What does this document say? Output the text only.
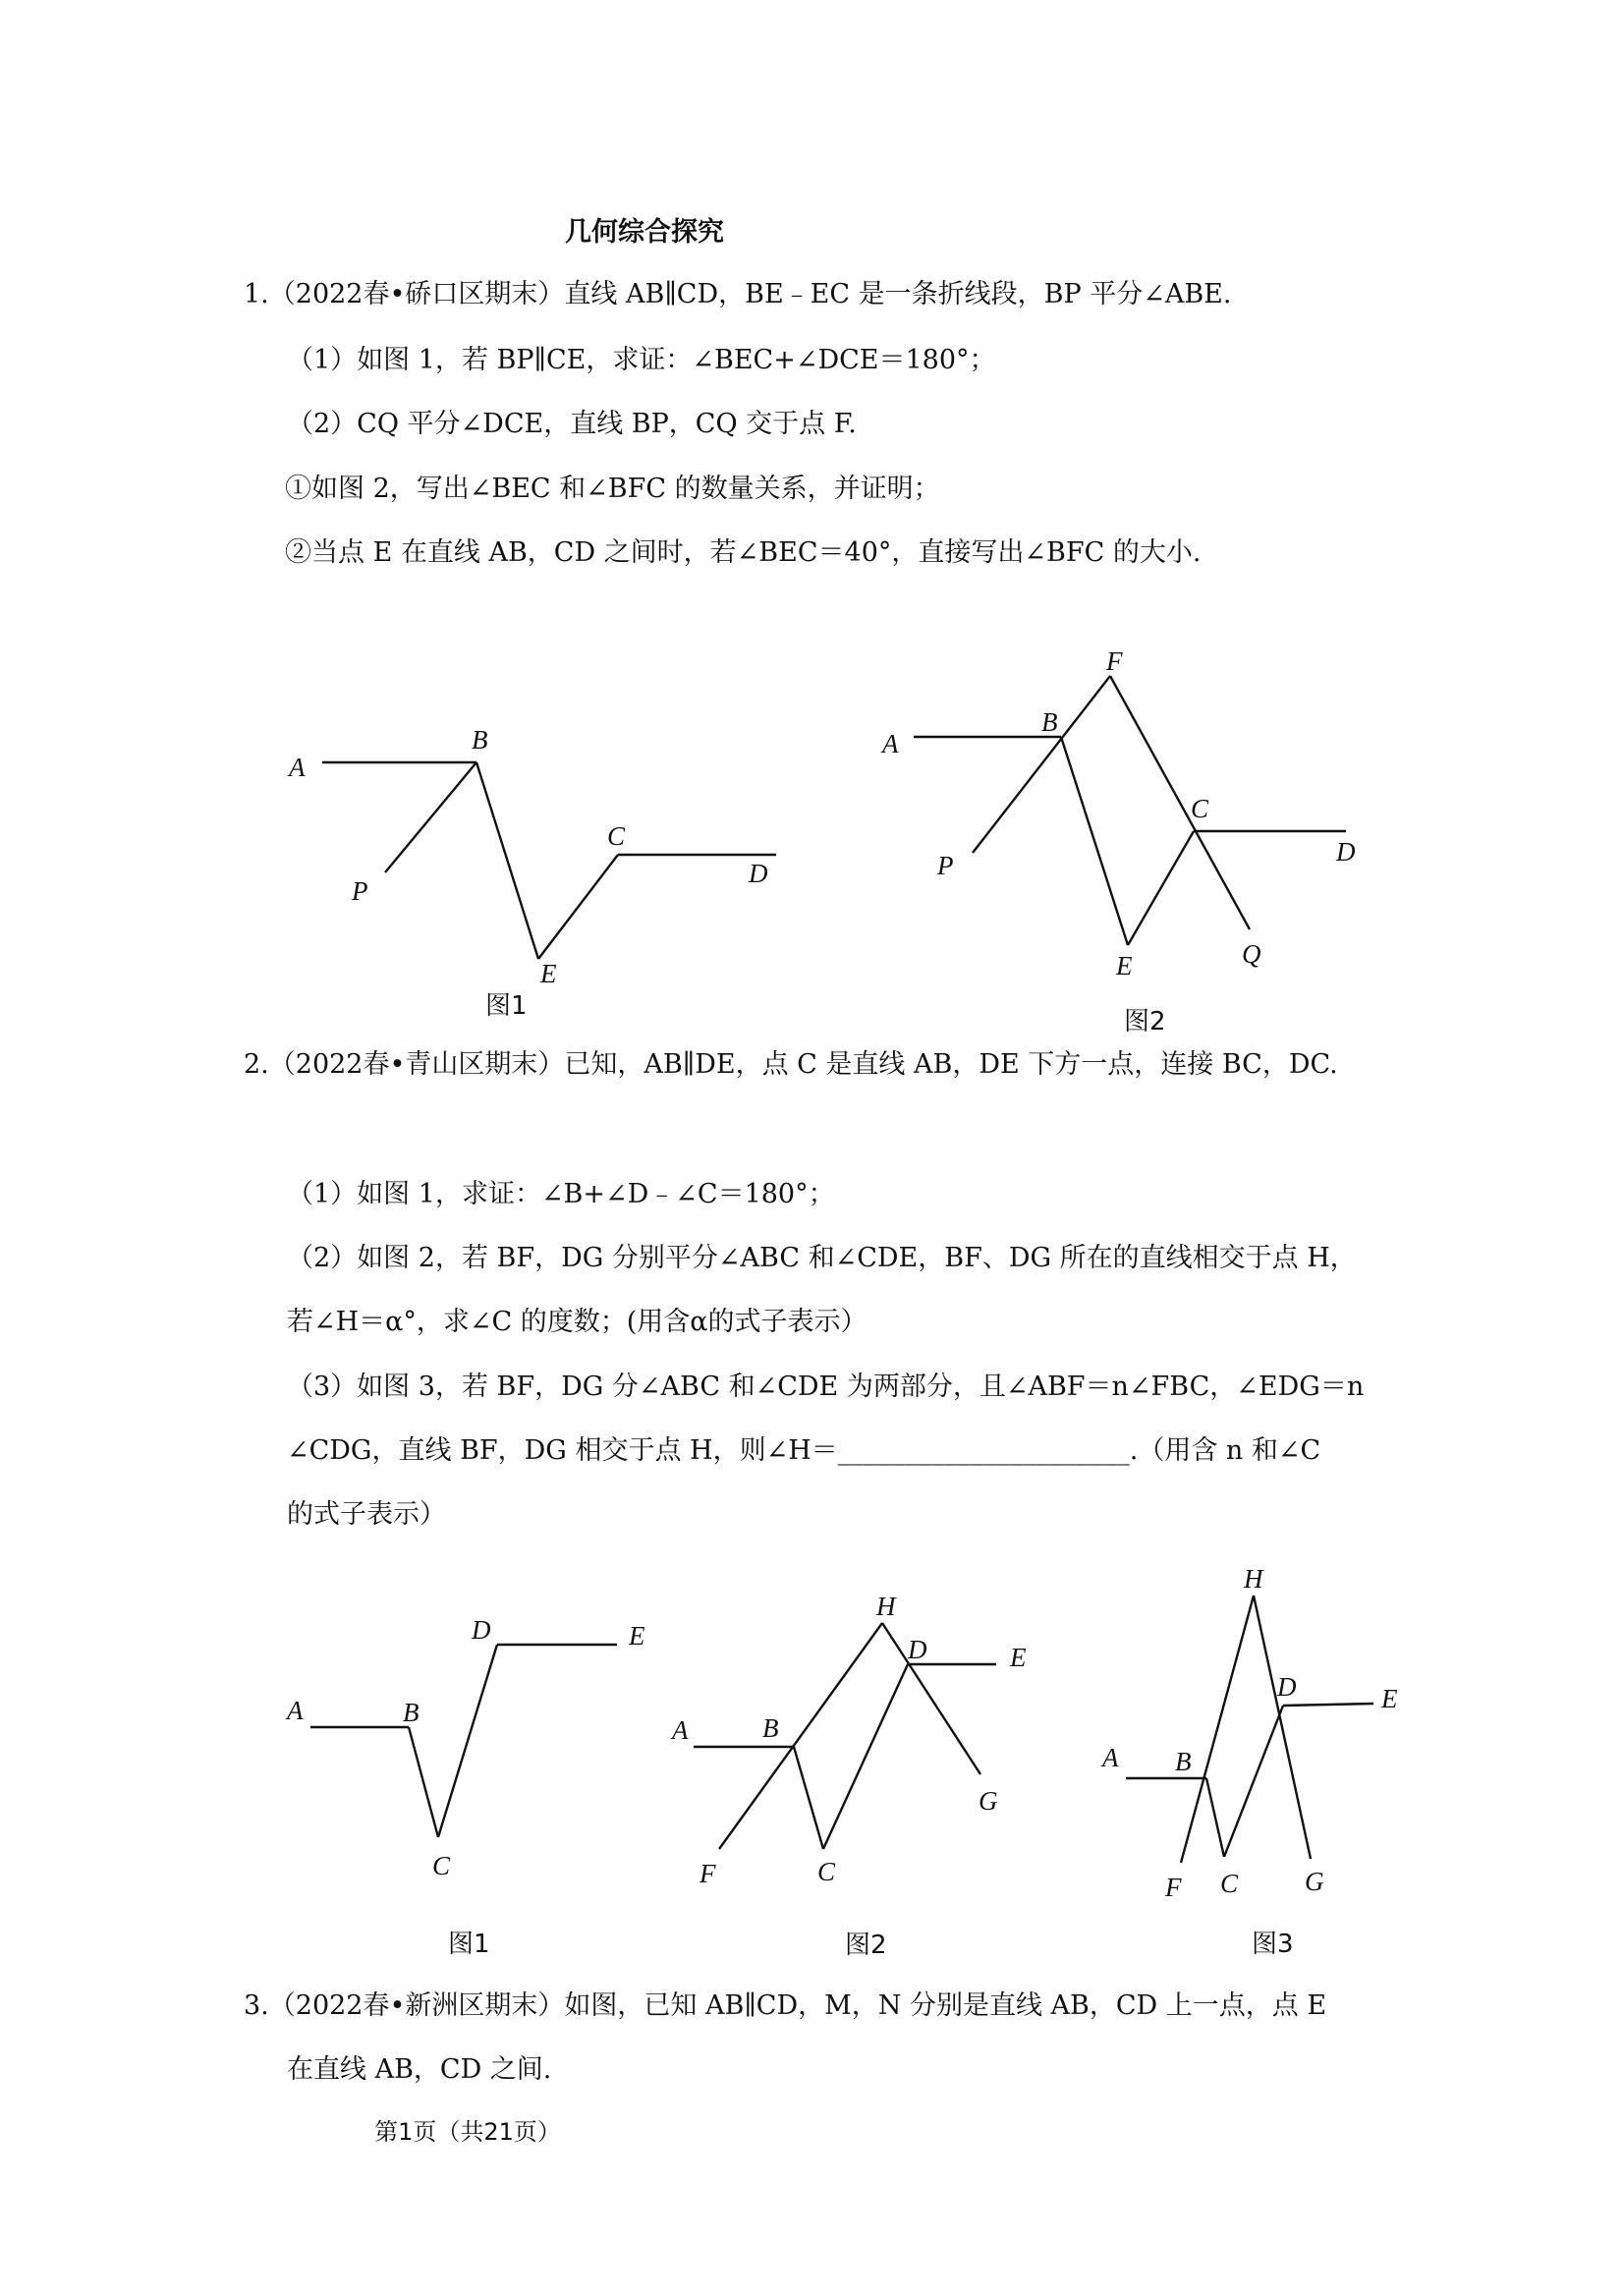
几何综合探究
1.（2022春•硚口区期末）直线 AB∥CD，BE﹣EC 是一条折线段，BP 平分∠ABE.
（1）如图 1，若 BP∥CE，求证：∠BEC+∠DCE＝180°；
（2）CQ 平分∠DCE，直线 BP，CQ 交于点 F.
①如图 2，写出∠BEC 和∠BFC 的数量关系，并证明；
②当点 E 在直线 AB，CD 之间时，若∠BEC＝40°，直接写出∠BFC 的大小.
A
B
P
C
D
E
图1
F
A
B
C
D
P
E	Q
图2
2.（2022春•青山区期末）已知，AB∥DE，点 C 是直线 AB，DE 下方一点，连接 BC，DC.
（1）如图 1，求证：∠B+∠D﹣∠C＝180°；
（2）如图 2，若 BF，DG 分别平分∠ABC 和∠CDE，BF、DG 所在的直线相交于点 H，
若∠H＝α°，求∠C 的度数；(用含α的式子表示）
（3）如图 3，若 BF，DG 分∠ABC 和∠CDE 为两部分，且∠ABF＝n∠FBC，∠EDG＝n
∠CDG，直线 BF，DG 相交于点 H，则∠H＝______________________.（用含 n 和∠C
的式子表示）
D	E
A	B
C
图1
H
D	E
A	B
G
F	C
图2
H
D	E
A B
F C	G
图3
3.（2022春•新洲区期末）如图，已知 AB∥CD，M，N 分别是直线 AB，CD 上一点，点 E
在直线 AB，CD 之间.
第1页（共21页）
